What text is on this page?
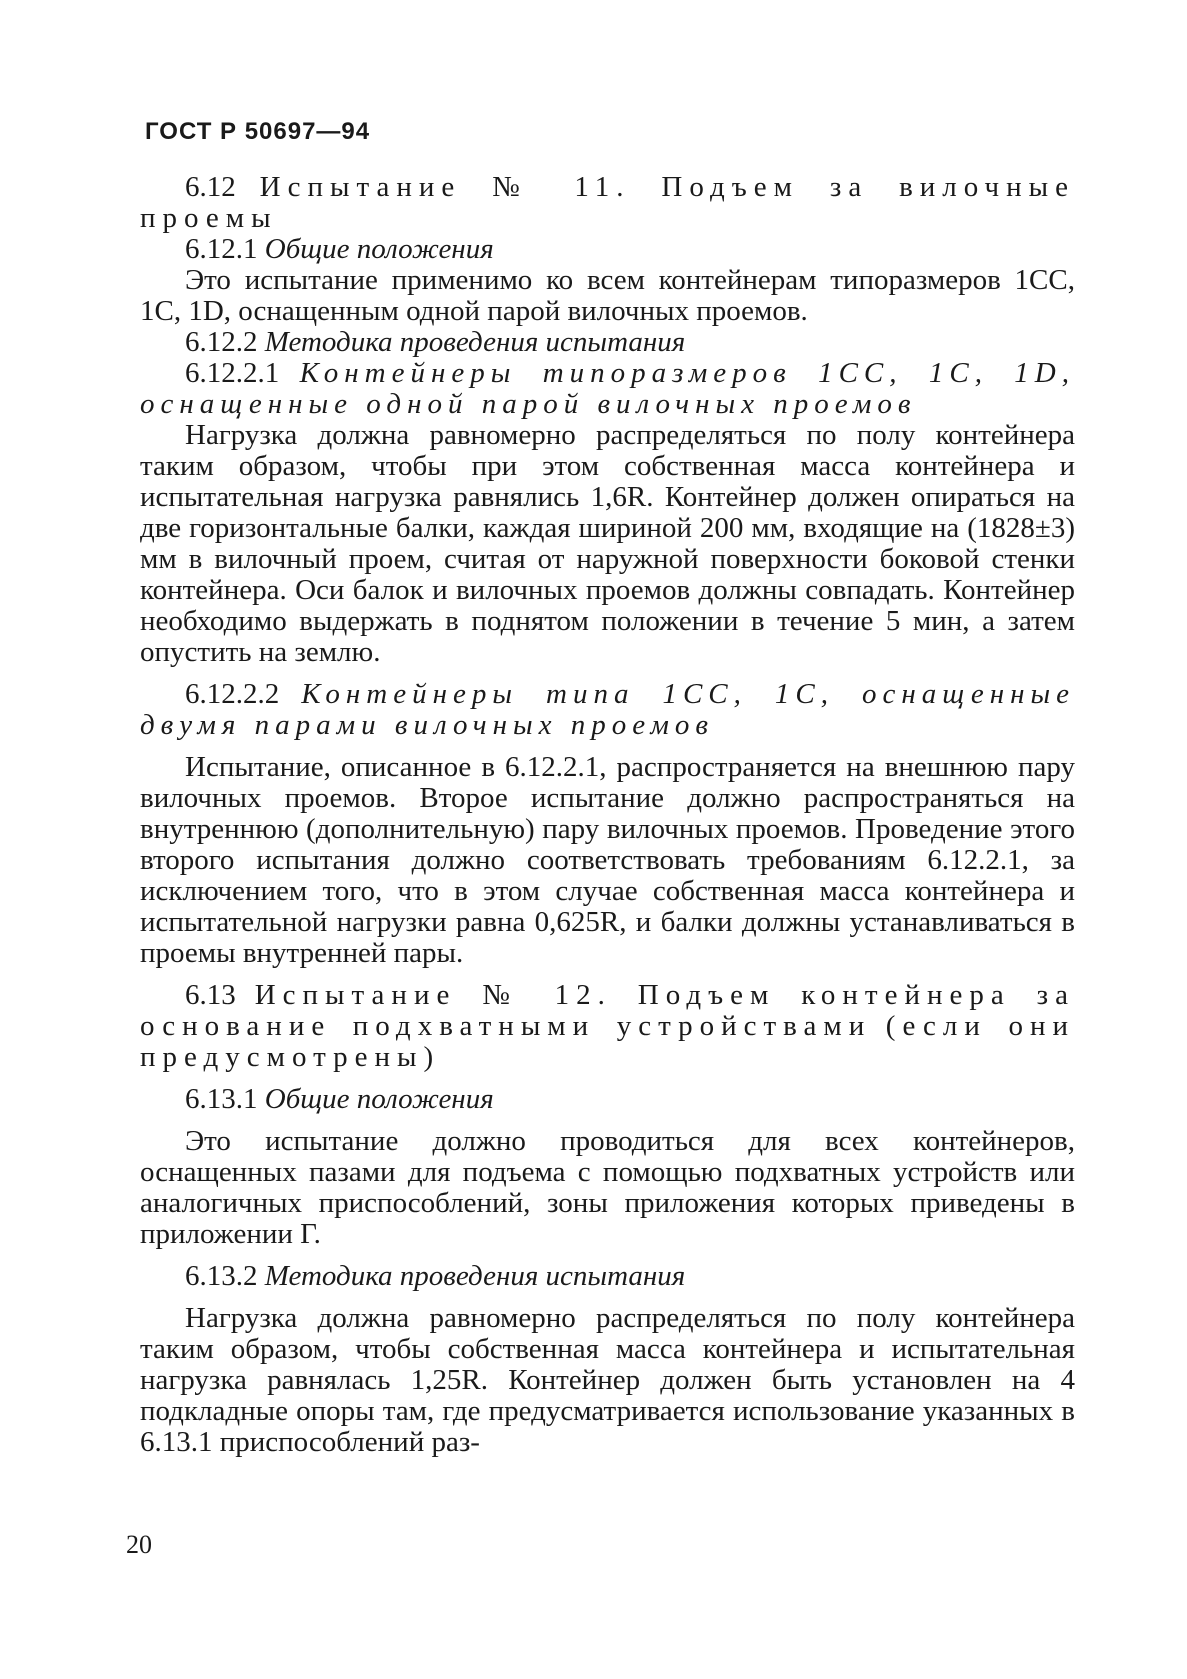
ГОСТ Р 50697—94

6.12 Испытание № 11. Подъем за вилочные проемы

6.12.1 Общие положения

Это испытание применимо ко всем контейнерам типоразмеров 1CC, 1C, 1D, оснащенным одной парой вилочных проемов.

6.12.2 Методика проведения испытания

6.12.2.1 Контейнеры типоразмеров 1CC, 1C, 1D, оснащенные одной парой вилочных проемов

Нагрузка должна равномерно распределяться по полу контейнера таким образом, чтобы при этом собственная масса контейнера и испытательная нагрузка равнялись 1,6R. Контейнер должен опираться на две горизонтальные балки, каждая шириной 200 мм, входящие на (1828±3) мм в вилочный проем, считая от наружной поверхности боковой стенки контейнера. Оси балок и вилочных проемов должны совпадать. Контейнер необходимо выдержать в поднятом положении в течение 5 мин, а затем опустить на землю.

6.12.2.2 Контейнеры типа 1CC, 1C, оснащенные двумя парами вилочных проемов

Испытание, описанное в 6.12.2.1, распространяется на внешнюю пару вилочных проемов. Второе испытание должно распространяться на внутреннюю (дополнительную) пару вилочных проемов. Проведение этого второго испытания должно соответствовать требованиям 6.12.2.1, за исключением того, что в этом случае собственная масса контейнера и испытательной нагрузки равна 0,625R, и балки должны устанавливаться в проемы внутренней пары.

6.13 Испытание № 12. Подъем контейнера за основание подхватными устройствами (если они предусмотрены)

6.13.1 Общие положения

Это испытание должно проводиться для всех контейнеров, оснащенных пазами для подъема с помощью подхватных устройств или аналогичных приспособлений, зоны приложения которых приведены в приложении Г.

6.13.2 Методика проведения испытания

Нагрузка должна равномерно распределяться по полу контейнера таким образом, чтобы собственная масса контейнера и испытательная нагрузка равнялась 1,25R. Контейнер должен быть установлен на 4 подкладные опоры там, где предусматривается использование указанных в 6.13.1 приспособлений раз-

20
